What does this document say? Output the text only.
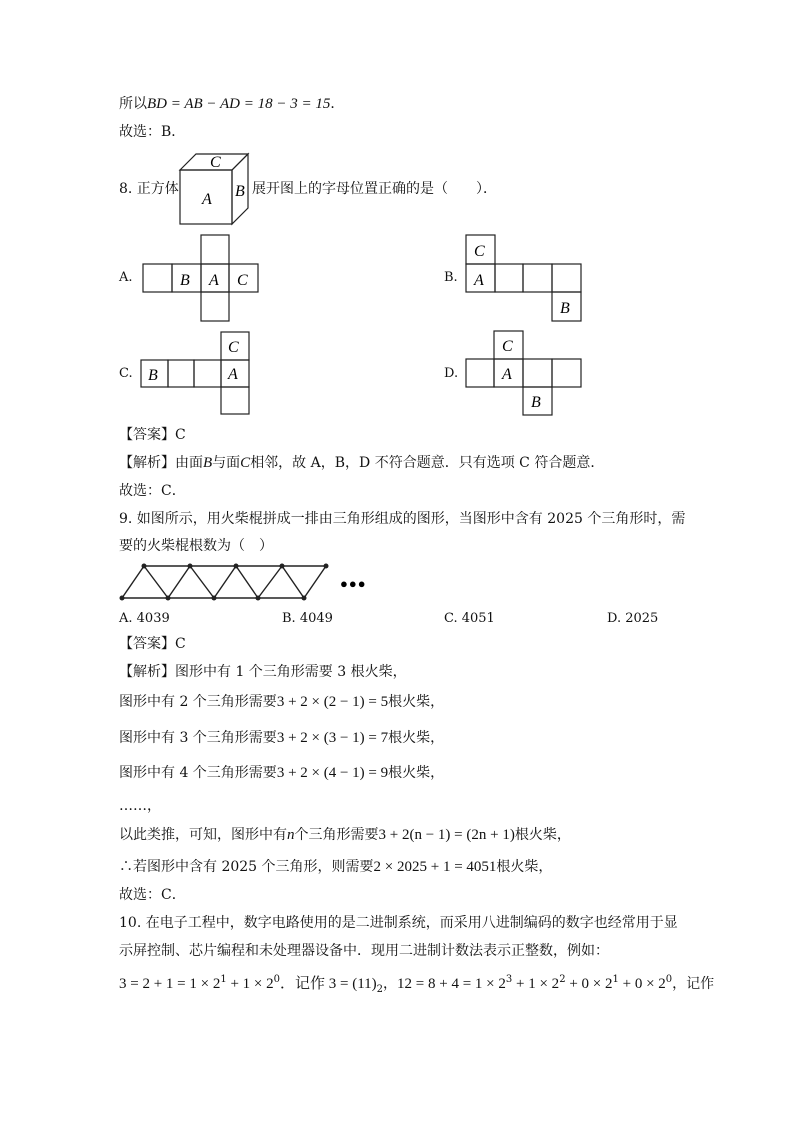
所以BD = AB − AD = 18 − 3 = 15．
故选：B．
8. 正方体
C
A B 展开图上的字母位置正确的是（　　）．
A.	B A C	B.
C
A
B
C. B
C
A	D.
C
A
B
【答案】C
【解析】由面B与面C相邻，故 A，B，D 不符合题意．只有选项 C 符合题意．
故选：C．
9. 如图所示，用火柴棍拼成一排由三角形组成的图形，当图形中含有 2025 个三角形时，需
要的火柴棍根数为（　）
●●●
A. 4039	B. 4049	C. 4051	D. 2025
【答案】C
【解析】图形中有 1 个三角形需要 3 根火柴，
图形中有 2 个三角形需要3 + 2 × (2 − 1) = 5根火柴，
图形中有 3 个三角形需要3 + 2 × (3 − 1) = 7根火柴，
图形中有 4 个三角形需要3 + 2 × (4 − 1) = 9根火柴，
……，
以此类推，可知，图形中有n个三角形需要3 + 2(n − 1) = (2n + 1)根火柴，
∴若图形中含有 2025 个三角形，则需要2 × 2025 + 1 = 4051根火柴，
故选：C．
10. 在电子工程中，数字电路使用的是二进制系统，而采用八进制编码的数字也经常用于显
示屏控制、芯片编程和未处理器设备中．现用二进制计数法表示正整数，例如：
$3 = 2 + 1 = 1 \times 2^1 + 1 \times 2^0$．记作 $3 = (11)_2$，$12 = 8 + 4 = 1 \times 2^3 + 1 \times 2^2 + 0 \times 2^1 + 0 \times 2^0$，记作
